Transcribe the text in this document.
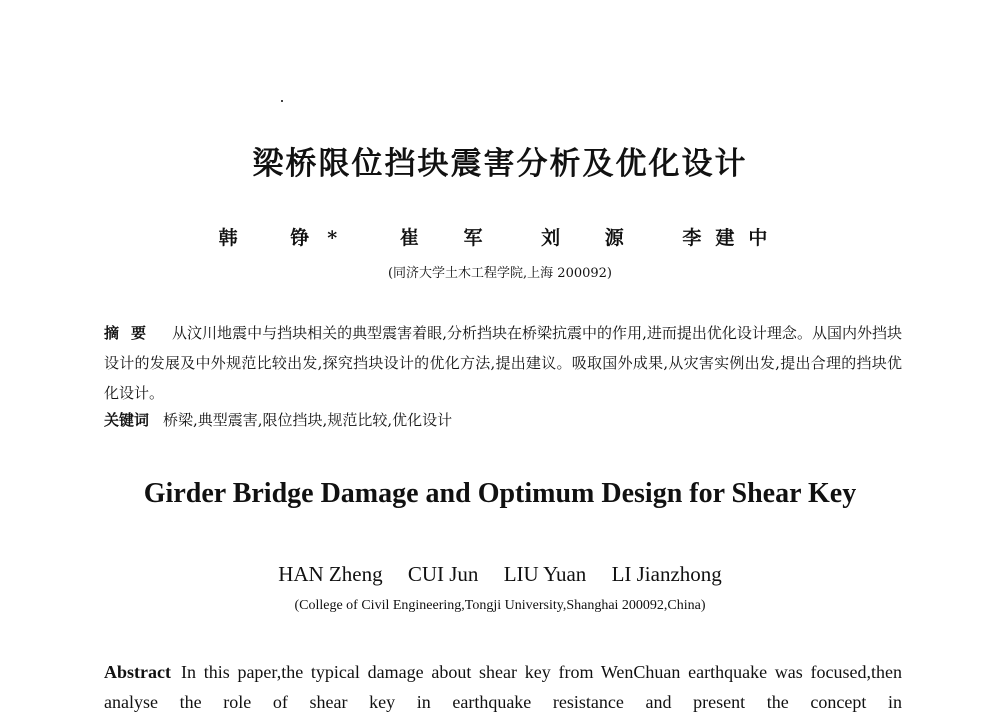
梁桥限位挡块震害分析及优化设计
韩 铮* 崔 军 刘 源 李建中
(同济大学土木工程学院,上海 200092)
摘要 从汶川地震中与挡块相关的典型震害着眼,分析挡块在桥梁抗震中的作用,进而提出优化设计理念。从国内外挡块设计的发展及中外规范比较出发,探究挡块设计的优化方法,提出建议。吸取国外成果,从灾害实例出发,提出合理的挡块优化设计。
关键词 桥梁,典型震害,限位挡块,规范比较,优化设计
Girder Bridge Damage and Optimum Design for Shear Key
HAN Zheng CUI Jun LIU Yuan LI Jianzhong
(College of Civil Engineering,Tongji University,Shanghai 200092,China)
Abstract In this paper,the typical damage about shear key from WenChuan earthquake was focused,then analyse the role of shear key in earthquake resistance and present the concept in
